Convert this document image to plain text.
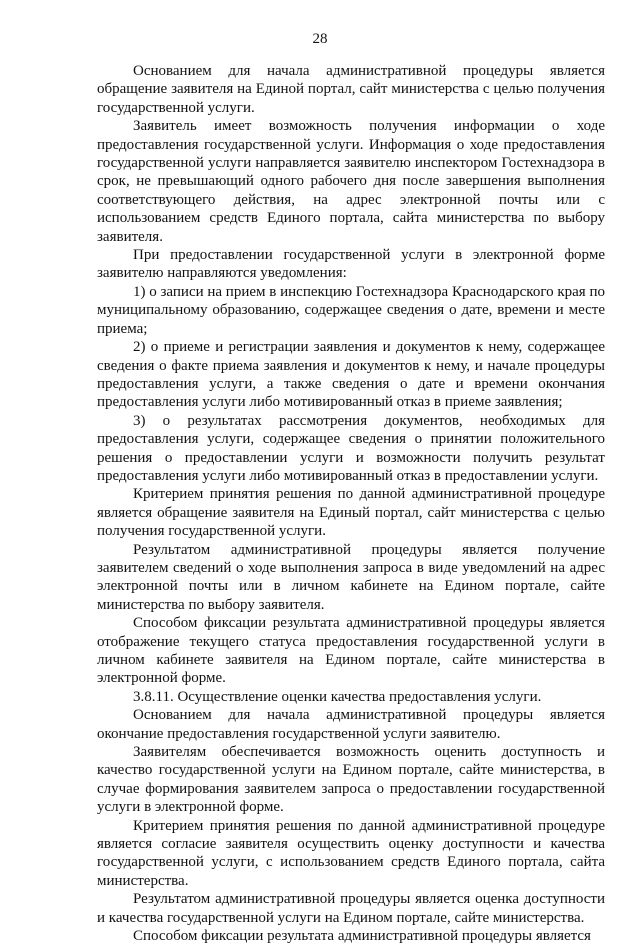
28

Основанием для начала административной процедуры является обращение заявителя на Единой портал, сайт министерства с целью получения государственной услуги.

Заявитель имеет возможность получения информации о ходе предоставления государственной услуги. Информация о ходе предоставления государственной услуги направляется заявителю инспектором Гостехнадзора в срок, не превышающий одного рабочего дня после завершения выполнения соответствующего действия, на адрес электронной почты или с использованием средств Единого портала, сайта министерства по выбору заявителя.

При предоставлении государственной услуги в электронной форме заявителю направляются уведомления:

1) о записи на прием в инспекцию Гостехнадзора Краснодарского края по муниципальному образованию, содержащее сведения о дате, времени и месте приема;

2) о приеме и регистрации заявления и документов к нему, содержащее сведения о факте приема заявления и документов к нему, и начале процедуры предоставления услуги, а также сведения о дате и времени окончания предоставления услуги либо мотивированный отказ в приеме заявления;

3) о результатах рассмотрения документов, необходимых для предоставления услуги, содержащее сведения о принятии положительного решения о предоставлении услуги и возможности получить результат предоставления услуги либо мотивированный отказ в предоставлении услуги.

Критерием принятия решения по данной административной процедуре является обращение заявителя на Единый портал, сайт министерства с целью получения государственной услуги.

Результатом административной процедуры является получение заявителем сведений о ходе выполнения запроса в виде уведомлений на адрес электронной почты или в личном кабинете на Едином портале, сайте министерства по выбору заявителя.

Способом фиксации результата административной процедуры является отображение текущего статуса предоставления государственной услуги в личном кабинете заявителя на Едином портале, сайте министерства в электронной форме.

3.8.11. Осуществление оценки качества предоставления услуги.

Основанием для начала административной процедуры является окончание предоставления государственной услуги заявителю.

Заявителям обеспечивается возможность оценить доступность и качество государственной услуги на Едином портале, сайте министерства, в случае формирования заявителем запроса о предоставлении государственной услуги в электронной форме.

Критерием принятия решения по данной административной процедуре является согласие заявителя осуществить оценку доступности и качества государственной услуги, с использованием средств Единого портала, сайта министерства.

Результатом административной процедуры является оценка доступности и качества государственной услуги на Едином портале, сайте министерства.

Способом фиксации результата административной процедуры является
